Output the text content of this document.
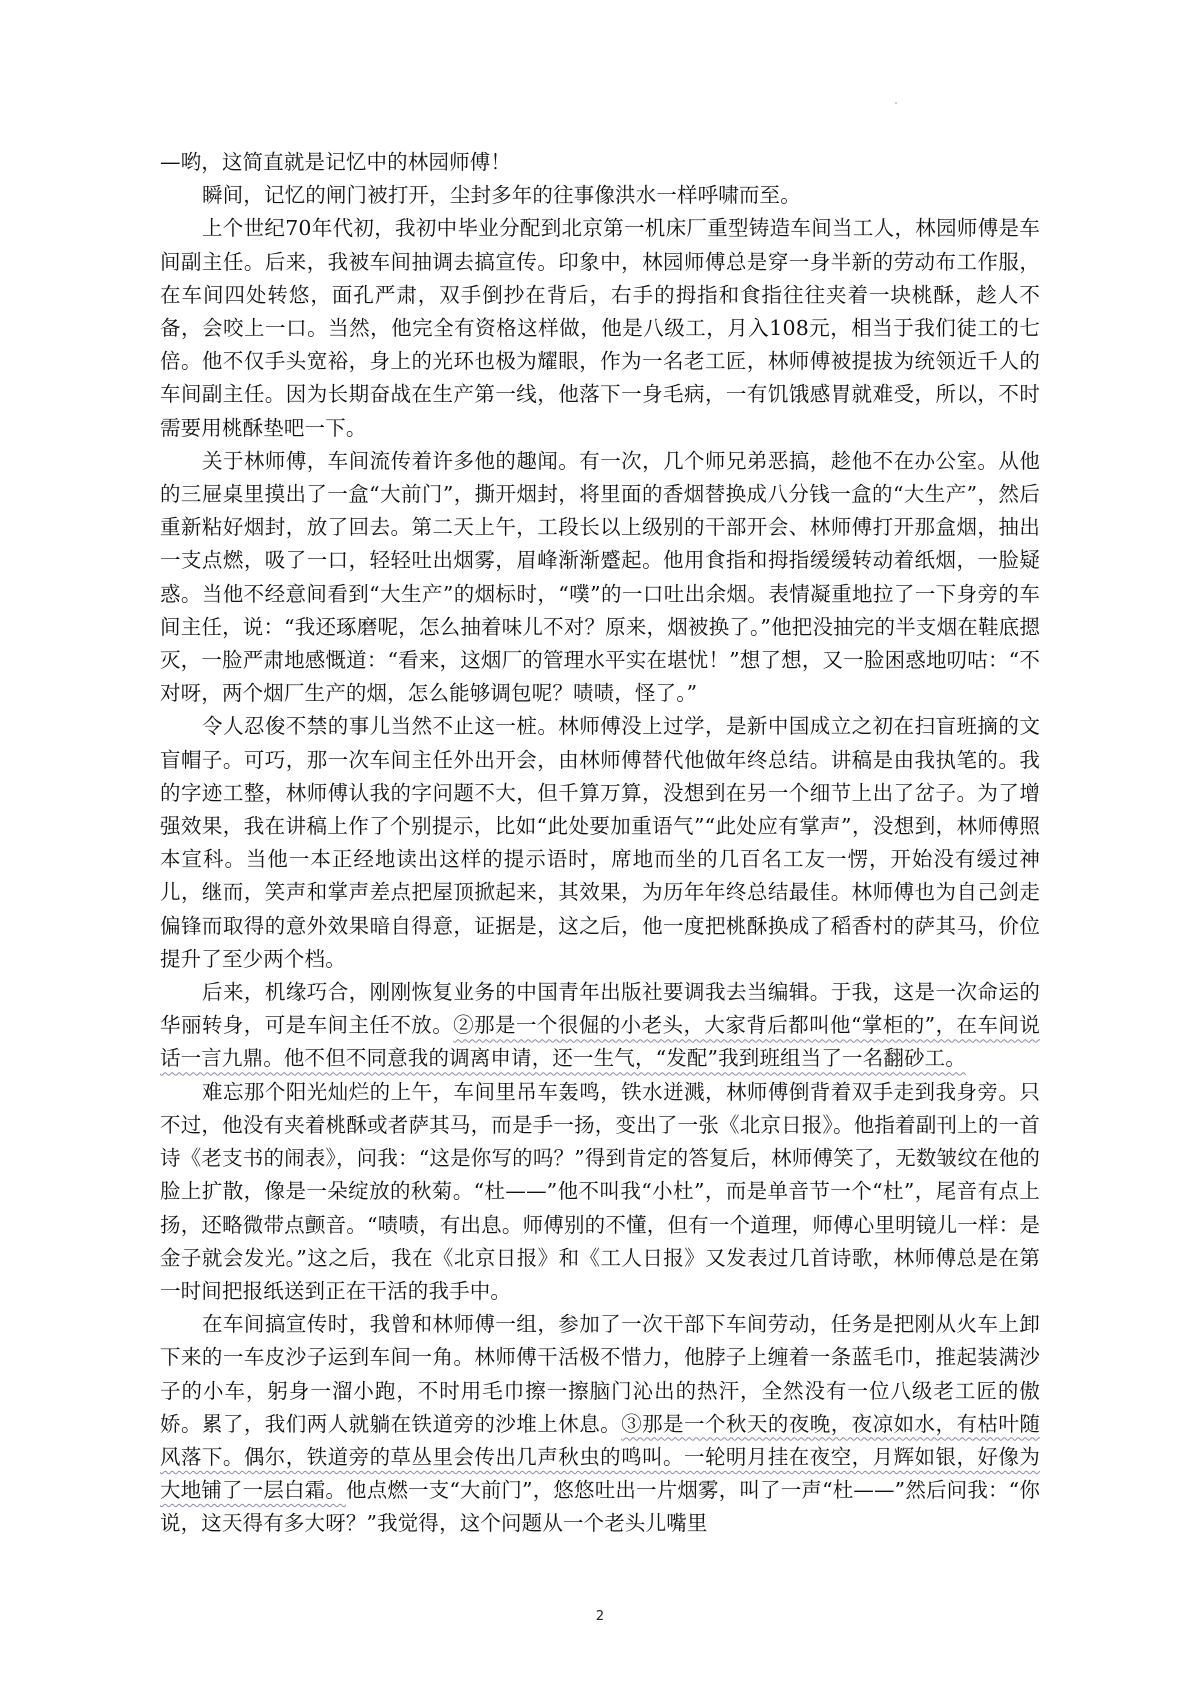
—哟，这简直就是记忆中的林园师傅！

瞬间，记忆的闸门被打开，尘封多年的往事像洪水一样呼啸而至。

上个世纪70年代初，我初中毕业分配到北京第一机床厂重型铸造车间当工人，林园师傅是车间副主任。后来，我被车间抽调去搞宣传。印象中，林园师傅总是穿一身半新的劳动布工作服，在车间四处转悠，面孔严肃，双手倒抄在背后，右手的拇指和食指往往夹着一块桃酥，趁人不备，会咬上一口。当然，他完全有资格这样做，他是八级工，月入108元，相当于我们徒工的七倍。他不仅手头宽裕，身上的光环也极为耀眼，作为一名老工匠，林师傅被提拔为统领近千人的车间副主任。因为长期奋战在生产第一线，他落下一身毛病，一有饥饿感胃就难受，所以，不时需要用桃酥垫吧一下。

关于林师傅，车间流传着许多他的趣闻。有一次，几个师兄弟恶搞，趁他不在办公室。从他的三屉桌里摸出了一盒“大前门”，撕开烟封，将里面的香烟替换成八分钱一盒的“大生产”，然后重新粘好烟封，放了回去。第二天上午，工段长以上级别的干部开会、林师傅打开那盒烟，抽出一支点燃，吸了一口，轻轻吐出烟雾，眉峰渐渐蹙起。他用食指和拇指缓缓转动着纸烟，一脸疑惑。当他不经意间看到“大生产”的烟标时，“噗”的一口吐出余烟。表情凝重地拉了一下身旁的车间主任，说：“我还琢磨呢，怎么抽着味儿不对？原来，烟被换了。”他把没抽完的半支烟在鞋底摁灭，一脸严肃地感慨道：“看来，这烟厂的管理水平实在堪忧！”想了想，又一脸困惑地叨咕：“不对呀，两个烟厂生产的烟，怎么能够调包呢？啧啧，怪了。”

令人忍俊不禁的事儿当然不止这一桩。林师傅没上过学，是新中国成立之初在扫盲班摘的文盲帽子。可巧，那一次车间主任外出开会，由林师傅替代他做年终总结。讲稿是由我执笔的。我的字迹工整，林师傅认我的字问题不大，但千算万算，没想到在另一个细节上出了岔子。为了增强效果，我在讲稿上作了个别提示，比如“此处要加重语气”“此处应有掌声”，没想到，林师傅照本宣科。当他一本正经地读出这样的提示语时，席地而坐的几百名工友一愣，开始没有缓过神儿，继而，笑声和掌声差点把屋顶掀起来，其效果，为历年年终总结最佳。林师傅也为自己剑走偏锋而取得的意外效果暗自得意，证据是，这之后，他一度把桃酥换成了稻香村的萨其马，价位提升了至少两个档。

后来，机缘巧合，刚刚恢复业务的中国青年出版社要调我去当编辑。于我，这是一次命运的华丽转身，可是车间主任不放。②那是一个很倔的小老头，大家背后都叫他“掌柜的”，在车间说话一言九鼎。他不但不同意我的调离申请，还一生气，“发配”我到班组当了一名翻砂工。

难忘那个阳光灿烂的上午，车间里吊车轰鸣，铁水迸溅，林师傅倒背着双手走到我身旁。只不过，他没有夹着桃酥或者萨其马，而是手一扬，变出了一张《北京日报》。他指着副刊上的一首诗《老支书的闹表》，问我：“这是你写的吗？”得到肯定的答复后，林师傅笑了，无数皱纹在他的脸上扩散，像是一朵绽放的秋菊。“杜——”他不叫我“小杜”，而是单音节一个“杜”，尾音有点上扬，还略微带点颤音。“啧啧，有出息。师傅别的不懂，但有一个道理，师傅心里明镜儿一样：是金子就会发光。”这之后，我在《北京日报》和《工人日报》又发表过几首诗歌，林师傅总是在第一时间把报纸送到正在干活的我手中。

在车间搞宣传时，我曾和林师傅一组，参加了一次干部下车间劳动，任务是把刚从火车上卸下来的一车皮沙子运到车间一角。林师傅干活极不惜力，他脖子上缠着一条蓝毛巾，推起装满沙子的小车，躬身一溜小跑，不时用毛巾擦一擦脑门沁出的热汗，全然没有一位八级老工匠的傲娇。累了，我们两人就躺在铁道旁的沙堆上休息。③那是一个秋天的夜晚，夜凉如水，有枯叶随风落下。偶尔，铁道旁的草丛里会传出几声秋虫的鸣叫。一轮明月挂在夜空，月辉如银，好像为大地铺了一层白霜。他点燃一支“大前门”，悠悠吐出一片烟雾，叫了一声“杜——”然后问我：“你说，这天得有多大呀？”我觉得，这个问题从一个老头儿嘴里

2
